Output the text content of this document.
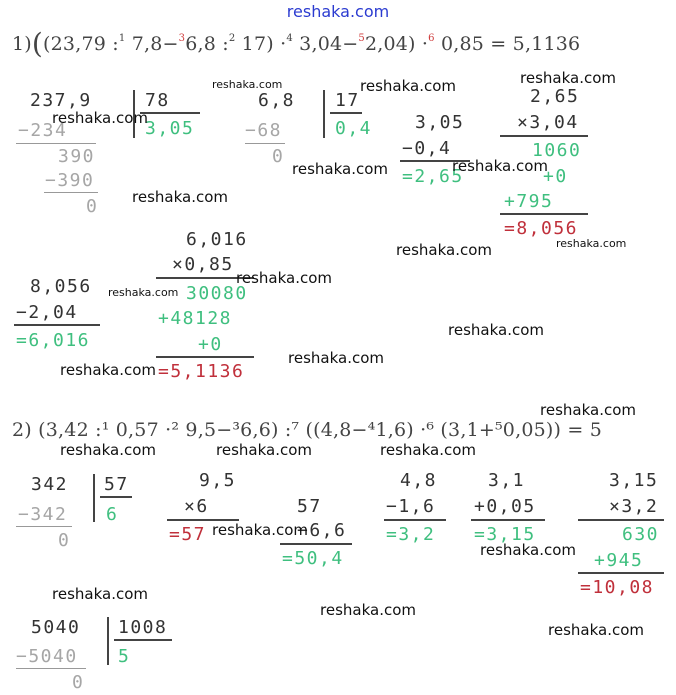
reshaka.com
1)((23,79 :$^1$ 7,8−$^3$6,8 :$^2$ 17) ·$^4$ 3,04−$^5$2,04) ·$^6$ 0,85 = 5,1136
237,9	78
3,05
−234
390
−390
0
6,8 17
0,4
−68
0
3,05
−0,4
=2,65
2,65
×3,04
1060
+0
+795
=8,056
6,016
×0,85
30080
+48128
+0
=5,1136
8,056
−2,04
=6,016
2) (3,42 :¹ 0,57 ·² 9,5−³6,6) :⁷ ((4,8−⁴1,6) ·⁶ (3,1+⁵0,05)) = 5
342 57
6
−342
0
9,5
×6
=57
57
−6,6
=50,4
4,8
−1,6
=3,2
3,1
+0,05
=3,15
3,15
×3,2
630
+945
=10,08
5040 1008
5
−5040
0
reshaka.com	reshaka.com	reshaka.com
reshaka.com
reshaka.com	reshaka.com
reshaka.com
reshaka.com
reshaka.com
reshaka.com
reshaka.com
reshaka.com
reshaka.com
reshaka.com
reshaka.com
reshaka.com	reshaka.com	reshaka.com
reshaka.com
reshaka.com
reshaka.com
reshaka.com
reshaka.com
